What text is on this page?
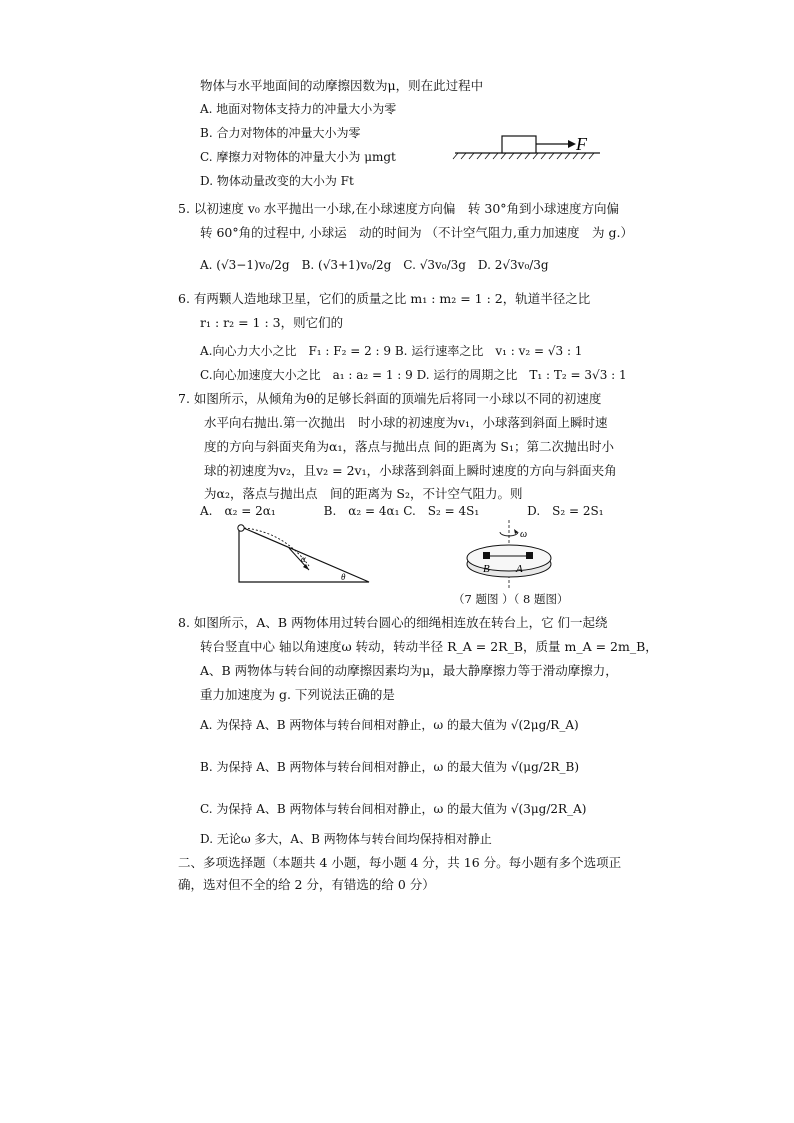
物体与水平地面间的动摩擦因数为μ，则在此过程中
A. 地面对物体支持力的冲量大小为零
B. 合力对物体的冲量大小为零
C. 摩擦力对物体的冲量大小为 μmgt
D. 物体动量改变的大小为 Ft
F
5. 以初速度 v₀ 水平抛出一小球,在小球速度方向偏　转 30°角到小球速度方向偏
转 60°角的过程中, 小球运　动的时间为 （不计空气阻力,重力加速度　为 g.）
A. (√3−1)v₀/2g　B. (√3+1)v₀/2g　C. √3v₀/3g　D. 2√3v₀/3g
6. 有两颗人造地球卫星，它们的质量之比 m₁ : m₂ = 1 : 2，轨道半径之比
r₁ : r₂ = 1 : 3，则它们的
A.向心力大小之比　F₁ : F₂ = 2 : 9 B. 运行速率之比　v₁ : v₂ = √3 : 1
C.向心加速度大小之比　a₁ : a₂ = 1 : 9 D. 运行的周期之比　T₁ : T₂ = 3√3 : 1
7. 如图所示，从倾角为θ的足够长斜面的顶端先后将同一小球以不同的初速度
水平向右抛出.第一次抛出　时小球的初速度为v₁，小球落到斜面上瞬时速
度的方向与斜面夹角为α₁，落点与抛出点 间的距离为 S₁；第二次抛出时小
球的初速度为v₂，且v₂ = 2v₁，小球落到斜面上瞬时速度的方向与斜面夹角
为α₂，落点与抛出点　间的距离为 S₂，不计空气阻力。则
A.　α₂ = 2α₁　　　　B.　α₂ = 4α₁ C.　S₂ = 4S₁　　　　D.　S₂ = 2S₁
α
θ
ω
B A
（7 题图 ）（ 8 题图）
8. 如图所示，A、B 两物体用过转台圆心的细绳相连放在转台上，它 们一起绕
转台竖直中心 轴以角速度ω 转动，转动半径 R_A = 2R_B，质量 m_A = 2m_B，
A、B 两物体与转台间的动摩擦因素均为μ，最大静摩擦力等于滑动摩擦力，
重力加速度为 g. 下列说法正确的是
A. 为保持 A、B 两物体与转台间相对静止，ω 的最大值为 √(2μg/R_A)
B. 为保持 A、B 两物体与转台间相对静止，ω 的最大值为 √(μg/2R_B)
C. 为保持 A、B 两物体与转台间相对静止，ω 的最大值为 √(3μg/2R_A)
D. 无论ω 多大，A、B 两物体与转台间均保持相对静止
二、多项选择题（本题共 4 小题，每小题 4 分，共 16 分。每小题有多个选项正
确，选对但不全的给 2 分，有错选的给 0 分）
